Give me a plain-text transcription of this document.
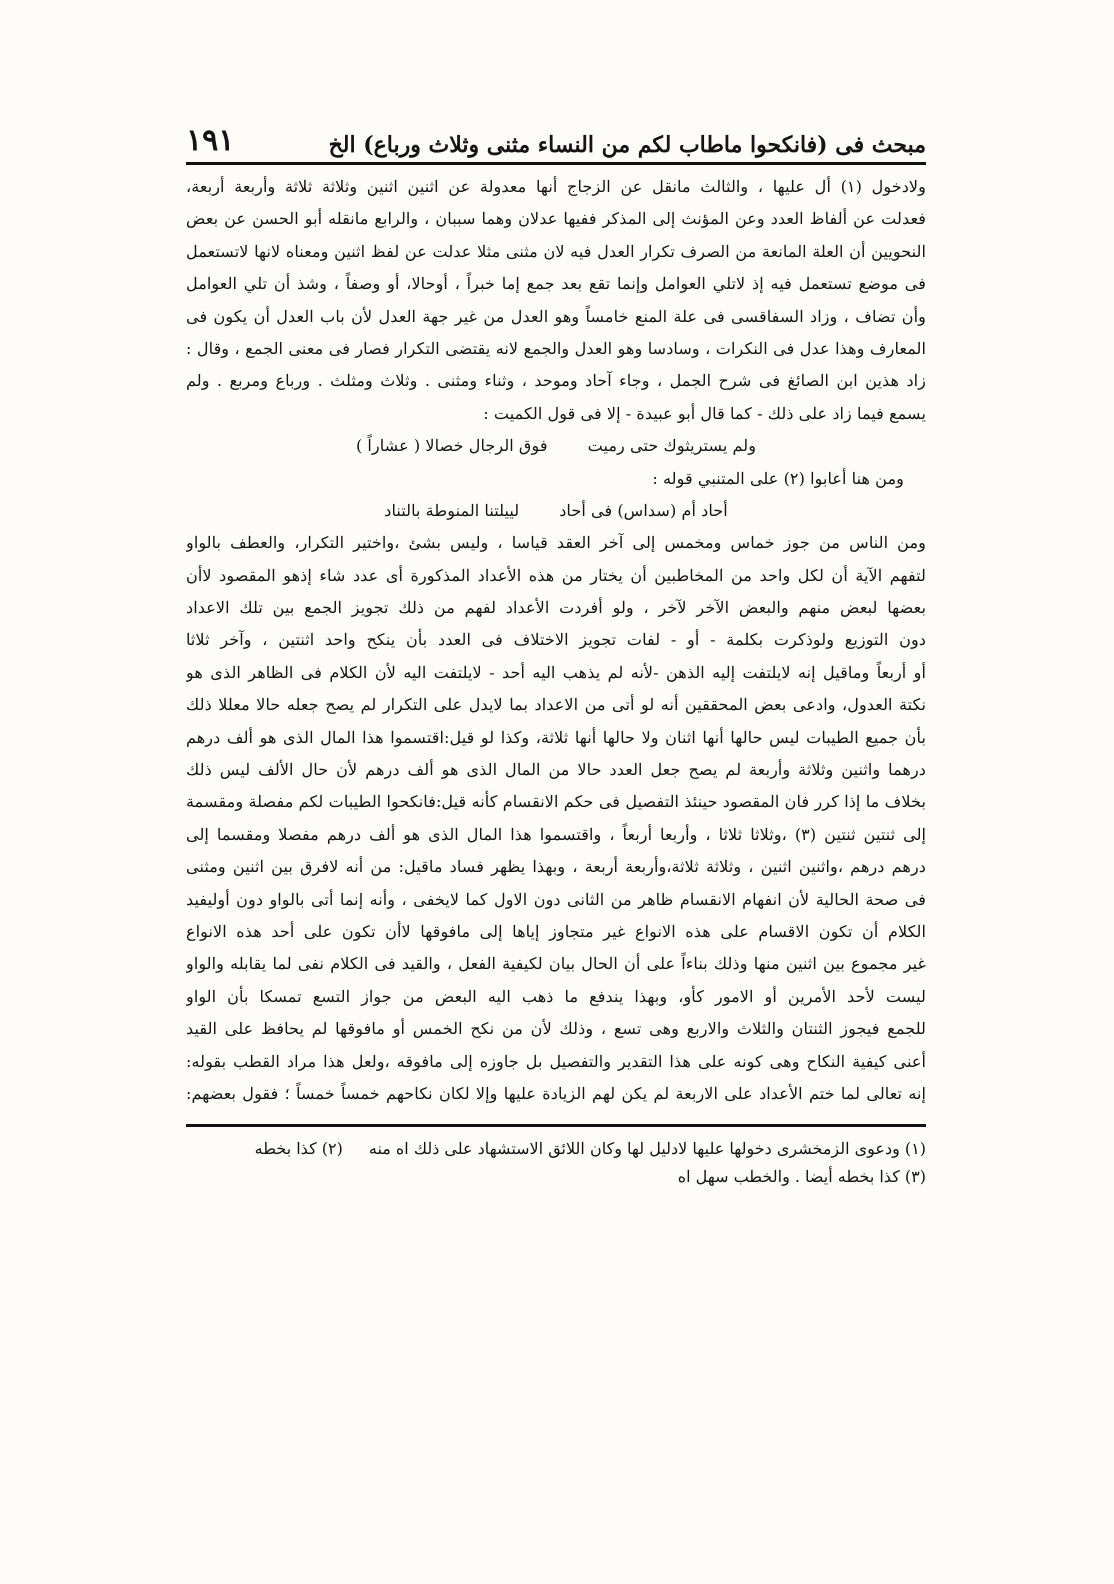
مبحث فى (فانكحوا ماطاب لكم من النساء مثنى وثلاث ورباع) الخ
١٩١
ولادخول (١) أل عليها ، والثالث مانقل عن الزجاج أنها معدولة عن اثنين اثنين وثلاثة ثلاثة وأربعة أربعة،
فعدلت عن ألفاظ العدد وعن المؤنث إلى المذكر ففيها عدلان وهما سببان ، والرابع مانقله أبو الحسن عن بعض
النحويين أن العلة المانعة من الصرف تكرار العدل فيه لان مثنى مثلا عدلت عن لفظ اثنين ومعناه لانها لاتستعمل
فى موضع تستعمل فيه إذ لاتلي العوامل وإنما تقع بعد جمع إما خبراً ، أوحالا، أو وصفاً ، وشذ أن تلي العوامل
وأن تضاف ، وزاد السفاقسى فى علة المنع خامساً وهو العدل من غير جهة العدل لأن باب العدل أن يكون فى
المعارف وهذا عدل فى النكرات ، وسادسا وهو العدل والجمع لانه يقتضى التكرار فصار فى معنى الجمع ، وقال :
زاد هذين ابن الصائغ فى شرح الجمل ، وجاء آحاد وموحد ، وثناء ومثنى . وثلاث ومثلث . ورباع ومربع . ولم
يسمع فيما زاد على ذلك - كما قال أبو عبيدة - إلا فى قول الكميت :
ولم يستريثوك حتى رميت
فوق الرجال خصالا ( عشاراً )
ومن هنا أعابوا (٢) على المتنبي قوله :
أحاد أم (سداس) فى أحاد
لييلتنا المنوطة بالتناد
ومن الناس من جوز خماس ومخمس إلى آخر العقد قياسا ، وليس بشئ ،واختير التكرار، والعطف بالواو
لتفهم الآية أن لكل واحد من المخاطبين أن يختار من هذه الأعداد المذكورة أى عدد شاء إذهو المقصود لاأن
بعضها لبعض منهم والبعض الآخر لآخر ، ولو أفردت الأعداد لفهم من ذلك تجويز الجمع بين تلك الاعداد
دون التوزيع ولوذكرت بكلمة - أو - لفات تجويز الاختلاف فى العدد بأن ينكح واحد اثنتين ، وآخر ثلاثا
أو أربعاً وماقيل إنه لايلتفت إليه الذهن -لأنه لم يذهب اليه أحد - لايلتفت اليه لأن الكلام فى الظاهر الذى هو
نكتة العدول، وادعى بعض المحققين أنه لو أتى من الاعداد بما لايدل على التكرار لم يصح جعله حالا معللا ذلك
بأن جميع الطيبات ليس حالها أنها اثنان ولا حالها أنها ثلاثة، وكذا لو قيل:اقتسموا هذا المال الذى هو ألف درهم
درهما واثنين وثلاثة وأربعة لم يصح جعل العدد حالا من المال الذى هو ألف درهم لأن حال الألف ليس ذلك
بخلاف ما إذا كرر فان المقصود حينئذ التفصيل فى حكم الانقسام كأنه قيل:فانكحوا الطيبات لكم مفصلة ومقسمة
إلى ثنتين ثنتين (٣) ،وثلاثا ثلاثا ، وأربعا أربعاً ، واقتسموا هذا المال الذى هو ألف درهم مفصلا ومقسما إلى
درهم درهم ،واثنين اثنين ، وثلاثة ثلاثة،وأربعة أربعة ، وبهذا يظهر فساد ماقيل: من أنه لافرق بين اثنين ومثنى
فى صحة الحالية لأن انفهام الانقسام ظاهر من الثانى دون الاول كما لايخفى ، وأنه إنما أتى بالواو دون أوليفيد
الكلام أن تكون الاقسام على هذه الانواع غير متجاوز إياها إلى مافوقها لاأن تكون على أحد هذه الانواع
غير مجموع بين اثنين منها وذلك بناءاً على أن الحال بيان لكيفية الفعل ، والقيد فى الكلام نفى لما يقابله والواو
ليست لأحد الأمرين أو الامور كأو، وبهذا يندفع ما ذهب اليه البعض من جواز التسع تمسكا بأن الواو
للجمع فيجوز الثنتان والثلاث والاربع وهى تسع ، وذلك لأن من نكح الخمس أو مافوقها لم يحافظ على القيد
أعنى كيفية النكاح وهى كونه على هذا التقدير والتفصيل بل جاوزه إلى مافوقه ،ولعل هذا مراد القطب بقوله:
إنه تعالى لما ختم الأعداد على الاربعة لم يكن لهم الزيادة عليها وإلا لكان نكاحهم خمساً خمساً ؛ فقول بعضهم:
(١) ودعوى الزمخشرى دخولها عليها لادليل لها وكان اللائق الاستشهاد على ذلك اه منه(٢) كذا بخطه
(٣) كذا بخطه أيضا . والخطب سهل اه
